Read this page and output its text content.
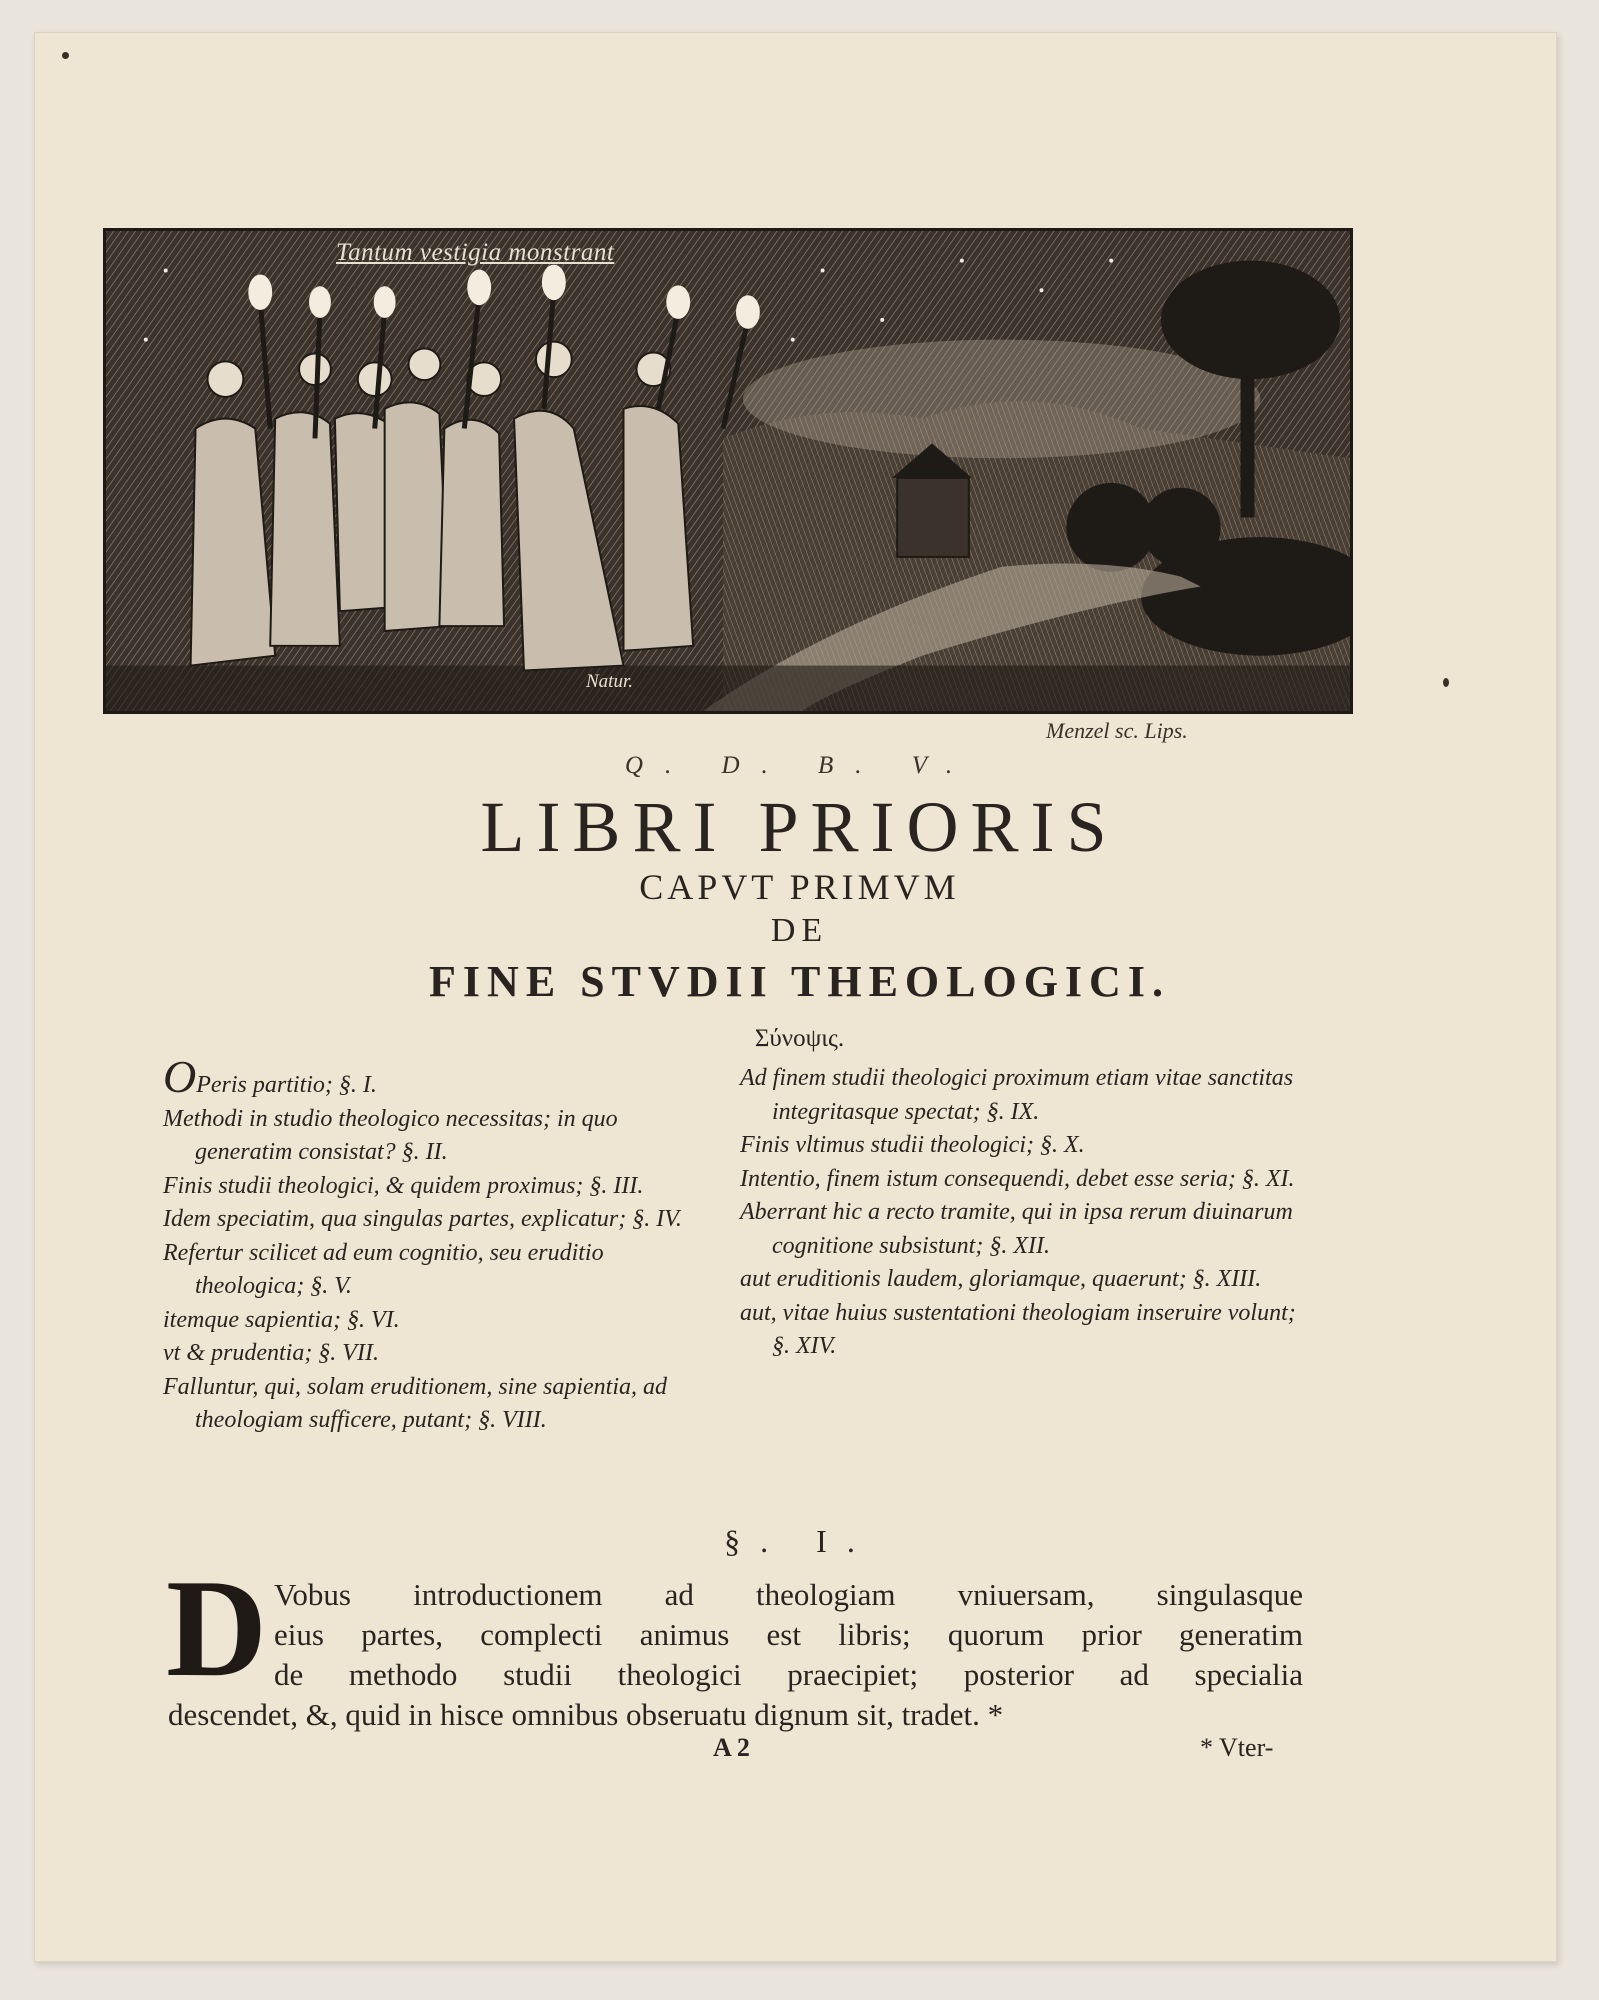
Tantum vestigia monstrant
Natur.
Menzel sc. Lips.
Q. D. B. V.
LIBRI PRIORIS
CAPVT PRIMVM
DE
FINE STVDII THEOLOGICI.
Σύνοψις.
OPeris partitio; §. I.
Methodi in studio theologico necessitas; in quo generatim consistat? §. II.
Finis studii theologici, & quidem proximus; §. III.
Idem speciatim, qua singulas partes, explicatur; §. IV.
Refertur scilicet ad eum cognitio, seu eruditio theologica; §. V.
itemque sapientia; §. VI.
vt & prudentia; §. VII.
Falluntur, qui, solam eruditionem, sine sapientia, ad theologiam sufficere, putant; §. VIII.
Ad finem studii theologici proximum etiam vitae sanctitas integritasque spectat; §. IX.
Finis vltimus studii theologici; §. X.
Intentio, finem istum consequendi, debet esse seria; §. XI.
Aberrant hic a recto tramite, qui in ipsa rerum diuinarum cognitione subsistunt; §. XII.
aut eruditionis laudem, gloriamque, quaerunt; §. XIII.
aut, vitae huius sustentationi theologiam inseruire volunt; §. XIV.
§. I.
D Vobus introductionem ad theologiam vniuersam, singulasque
eius partes, complecti animus est libris; quorum prior generatim
de methodo studii theologici praecipiet; posterior ad specialia
descendet, &, quid in hisce omnibus obseruatu dignum sit, tradet. *
A 2	* Vter-
